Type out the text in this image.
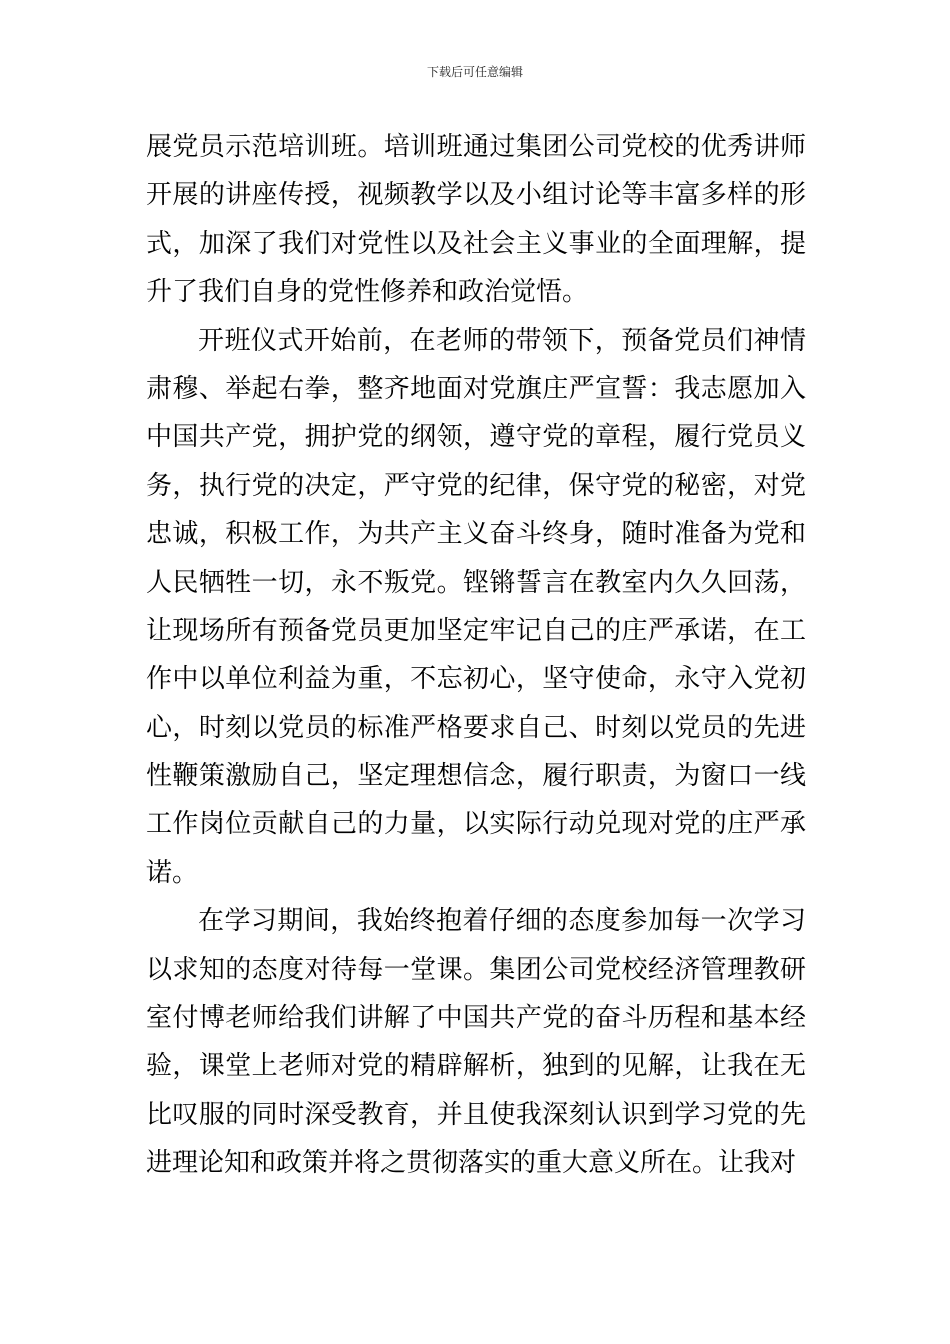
下载后可任意编辑
展党员示范培训班。培训班通过集团公司党校的优秀讲师
开展的讲座传授，视频教学以及小组讨论等丰富多样的形
式，加深了我们对党性以及社会主义事业的全面理解，提
升了我们自身的党性修养和政治觉悟。
开班仪式开始前，在老师的带领下，预备党员们神情
肃穆、举起右拳，整齐地面对党旗庄严宣誓：我志愿加入
中国共产党，拥护党的纲领，遵守党的章程，履行党员义
务，执行党的决定，严守党的纪律，保守党的秘密，对党
忠诚，积极工作，为共产主义奋斗终身，随时准备为党和
人民牺牲一切，永不叛党。铿锵誓言在教室内久久回荡，
让现场所有预备党员更加坚定牢记自己的庄严承诺，在工
作中以单位利益为重，不忘初心，坚守使命，永守入党初
心，时刻以党员的标准严格要求自己、时刻以党员的先进
性鞭策激励自己，坚定理想信念，履行职责，为窗口一线
工作岗位贡献自己的力量，以实际行动兑现对党的庄严承
诺。
在学习期间，我始终抱着仔细的态度参加每一次学习
以求知的态度对待每一堂课。集团公司党校经济管理教研
室付博老师给我们讲解了中国共产党的奋斗历程和基本经
验，课堂上老师对党的精辟解析，独到的见解，让我在无
比叹服的同时深受教育，并且使我深刻认识到学习党的先
进理论知和政策并将之贯彻落实的重大意义所在。让我对
